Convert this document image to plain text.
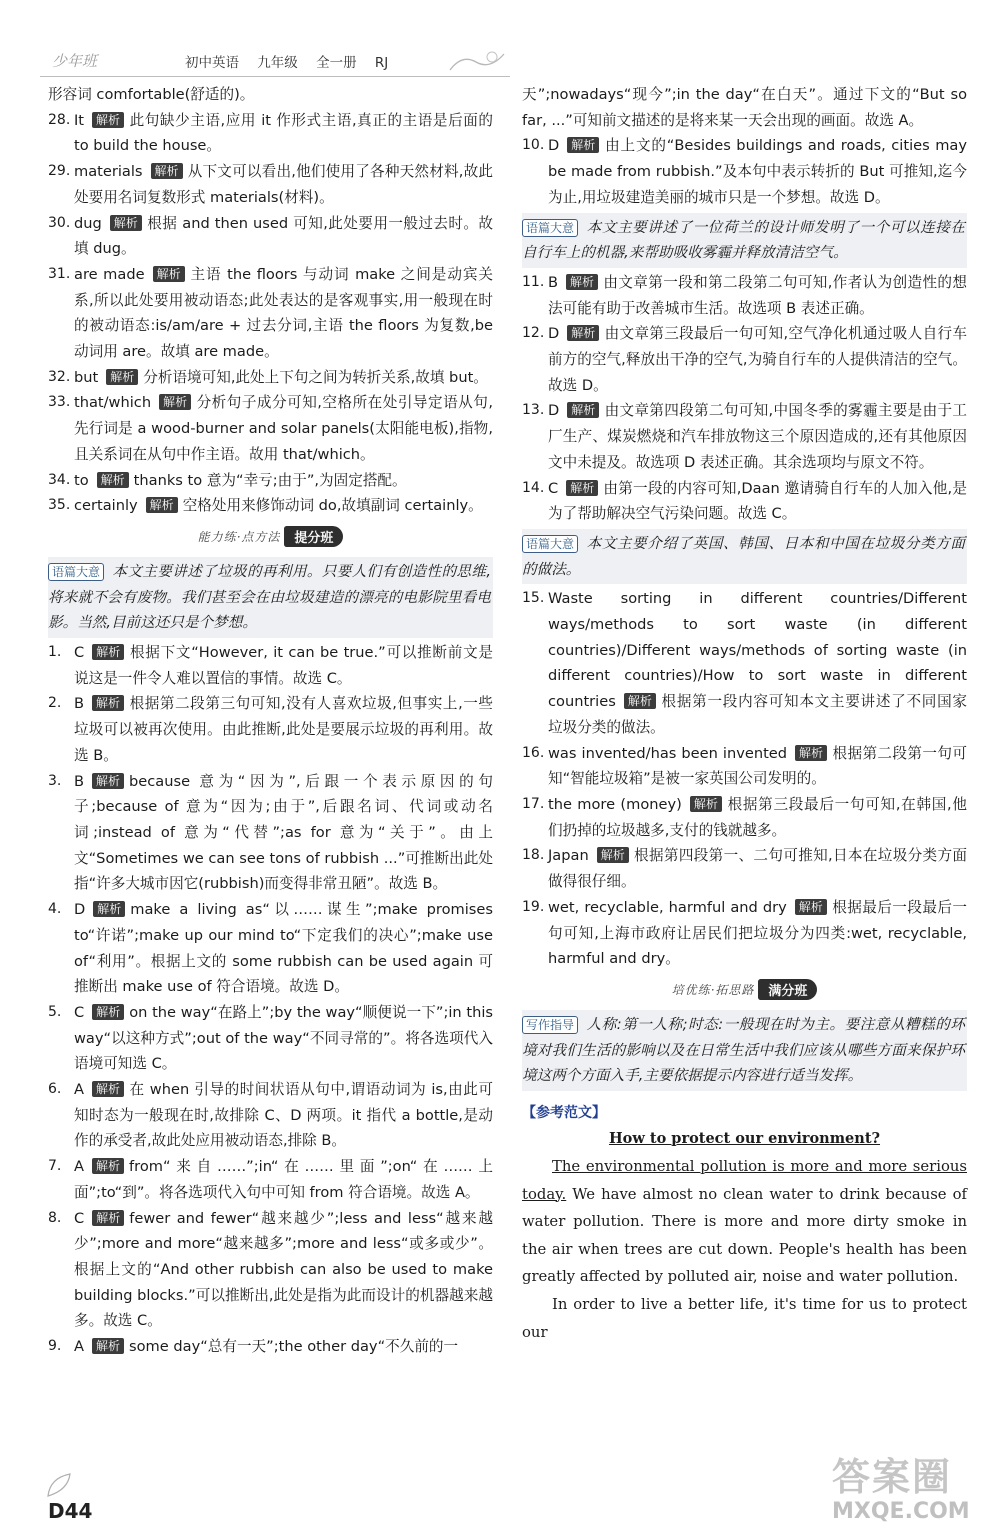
少年班	初中英语 九年级 全一册 RJ
形容词 comfortable(舒适的)。
28. It 解析 此句缺少主语,应用 it 作形式主语,真正的主语是后面的 to build the house。
29. materials 解析 从下文可以看出,他们使用了各种天然材料,故此处要用名词复数形式 materials(材料)。
30. dug 解析 根据 and then used 可知,此处要用一般过去时。故填 dug。
31. are made 解析 主语 the floors 与动词 make 之间是动宾关系,所以此处要用被动语态;此处表达的是客观事实,用一般现在时的被动语态:is/am/are + 过去分词,主语 the floors 为复数,be 动词用 are。故填 are made。
32. but 解析 分析语境可知,此处上下句之间为转折关系,故填 but。
33. that/which 解析 分析句子成分可知,空格所在处引导定语从句,先行词是 a wood-burner and solar panels(太阳能电板),指物,且关系词在从句中作主语。故用 that/which。
34. to 解析 thanks to 意为“幸亏;由于”,为固定搭配。
35. certainly 解析 空格处用来修饰动词 do,故填副词 certainly。
能力练·点方法	提分班
语篇大意 本文主要讲述了垃圾的再利用。只要人们有创造性的思维,将来就不会有废物。我们甚至会在由垃圾建造的漂亮的电影院里看电影。当然,目前这还只是个梦想。
1. C 解析 根据下文“However, it can be true.”可以推断前文是说这是一件令人难以置信的事情。故选 C。
2. B 解析 根据第二段第三句可知,没有人喜欢垃圾,但事实上,一些垃圾可以被再次使用。由此推断,此处是要展示垃圾的再利用。故选 B。
3. B 解析 because 意为“因为”,后跟一个表示原因的句子;because of 意为“因为;由于”,后跟名词、代词或动名词;instead of 意为“代替”;as for 意为“关于”。由上文“Sometimes we can see tons of rubbish ...”可推断出此处指“许多大城市因它(rubbish)而变得非常丑陋”。故选 B。
4. D 解析 make a living as“以……谋生”;make promises to“许诺”;make up our mind to“下定我们的决心”;make use of“利用”。根据上文的 some rubbish can be used again 可推断出 make use of 符合语境。故选 D。
5. C 解析 on the way“在路上”;by the way“顺便说一下”;in this way“以这种方式”;out of the way“不同寻常的”。将各选项代入语境可知选 C。
6. A 解析 在 when 引导的时间状语从句中,谓语动词为 is,由此可知时态为一般现在时,故排除 C、D 两项。it 指代 a bottle,是动作的承受者,故此处应用被动语态,排除 B。
7. A 解析 from“来自……”;in“在……里面”;on“在……上面”;to“到”。将各选项代入句中可知 from 符合语境。故选 A。
8. C 解析 fewer and fewer“越来越少”;less and less“越来越少”;more and more“越来越多”;more and less“或多或少”。根据上文的“And other rubbish can also be used to make building blocks.”可以推断出,此处是指为此而设计的机器越来越多。故选 C。
9. A 解析 some day“总有一天”;the other day“不久前的一
天”;nowadays“现今”;in the day“在白天”。通过下文的“But so far, ...”可知前文描述的是将来某一天会出现的画面。故选 A。
10. D 解析 由上文的“Besides buildings and roads, cities may be made from rubbish.”及本句中表示转折的 But 可推知,迄今为止,用垃圾建造美丽的城市只是一个梦想。故选 D。
语篇大意 本文主要讲述了一位荷兰的设计师发明了一个可以连接在自行车上的机器,来帮助吸收雾霾并释放清洁空气。
11. B 解析 由文章第一段和第二段第二句可知,作者认为创造性的想法可能有助于改善城市生活。故选项 B 表述正确。
12. D 解析 由文章第三段最后一句可知,空气净化机通过吸人自行车前方的空气,释放出干净的空气,为骑自行车的人提供清洁的空气。故选 D。
13. D 解析 由文章第四段第二句可知,中国冬季的雾霾主要是由于工厂生产、煤炭燃烧和汽车排放物这三个原因造成的,还有其他原因文中未提及。故选项 D 表述正确。其余选项均与原文不符。
14. C 解析 由第一段的内容可知,Daan 邀请骑自行车的人加入他,是为了帮助解决空气污染问题。故选 C。
语篇大意 本文主要介绍了英国、韩国、日本和中国在垃圾分类方面的做法。
15. Waste sorting in different countries/Different ways/methods to sort waste (in different countries)/Different ways/methods of sorting waste (in different countries)/How to sort waste in different countries 解析 根据第一段内容可知本文主要讲述了不同国家垃圾分类的做法。
16. was invented/has been invented 解析 根据第二段第一句可知“智能垃圾箱”是被一家英国公司发明的。
17. the more (money) 解析 根据第三段最后一句可知,在韩国,他们扔掉的垃圾越多,支付的钱就越多。
18. Japan 解析 根据第四段第一、二句可推知,日本在垃圾分类方面做得很仔细。
19. wet, recyclable, harmful and dry 解析 根据最后一段最后一句可知,上海市政府让居民们把垃圾分为四类:wet, recyclable, harmful and dry。
培优练·拓思路	满分班
写作指导 人称:第一人称;时态:一般现在时为主。要注意从糟糕的环境对我们生活的影响以及在日常生活中我们应该从哪些方面来保护环境这两个方面入手,主要依据提示内容进行适当发挥。
【参考范文】
How to protect our environment?

The environmental pollution is more and more serious today. We have almost no clean water to drink because of water pollution. There is more and more dirty smoke in the air when trees are cut down. People's health has been greatly affected by polluted air, noise and water pollution.

In order to live a better life, it's time for us to protect our

D44
答案圈
MXQE.COM
